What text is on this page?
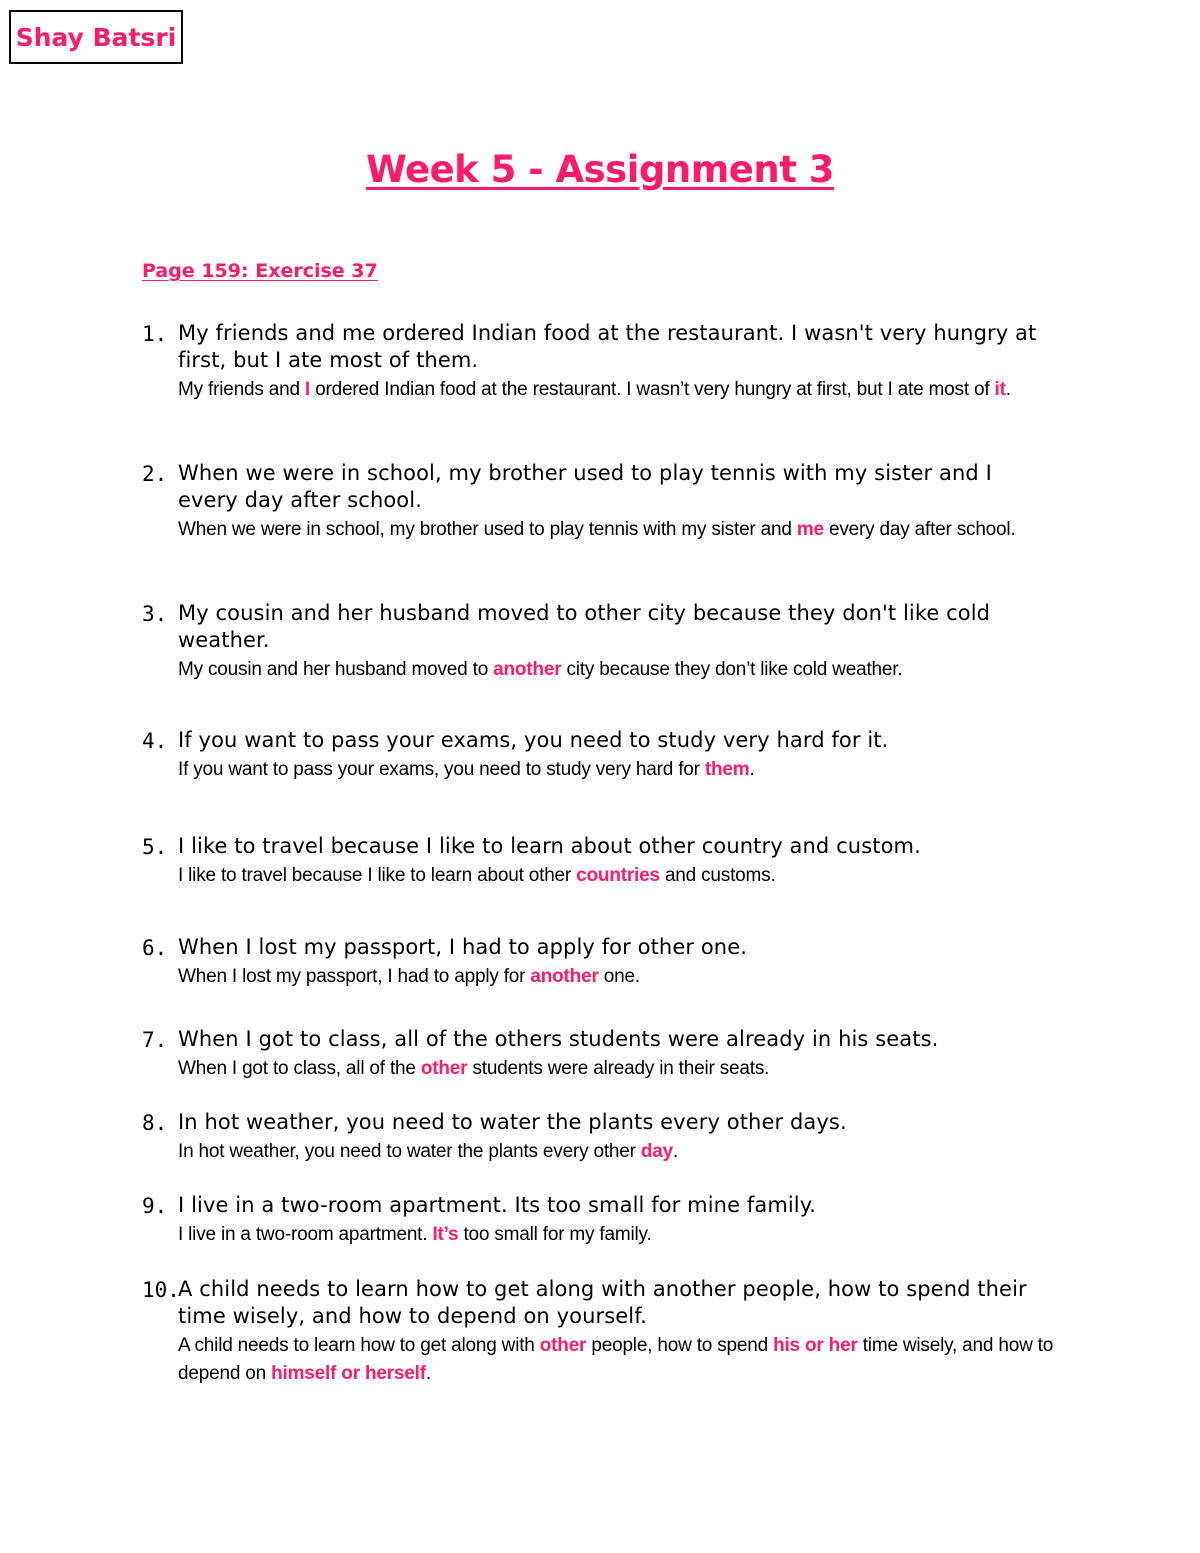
Shay Batsri
Week 5 - Assignment 3
Page 159: Exercise 37
1. My friends and me ordered Indian food at the restaurant. I wasn't very hungry at first, but I ate most of them.
My friends and I ordered Indian food at the restaurant. I wasn’t very hungry at first, but I ate most of it.
2. When we were in school, my brother used to play tennis with my sister and I every day after school.
When we were in school, my brother used to play tennis with my sister and me every day after school.
3. My cousin and her husband moved to other city because they don't like cold weather.
My cousin and her husband moved to another city because they don’t like cold weather.
4. If you want to pass your exams, you need to study very hard for it.
If you want to pass your exams, you need to study very hard for them.
5. I like to travel because I like to learn about other country and custom.
I like to travel because I like to learn about other countries and customs.
6. When I lost my passport, I had to apply for other one.
When I lost my passport, I had to apply for another one.
7. When I got to class, all of the others students were already in his seats.
When I got to class, all of the other students were already in their seats.
8. In hot weather, you need to water the plants every other days.
In hot weather, you need to water the plants every other day.
9. I live in a two-room apartment. Its too small for mine family.
I live in a two-room apartment. It’s too small for my family.
10.
A child needs to learn how to get along with another people, how to spend their time wisely, and how to depend on yourself.
A child needs to learn how to get along with other people, how to spend his or her time wisely, and how to depend on himself or herself.
